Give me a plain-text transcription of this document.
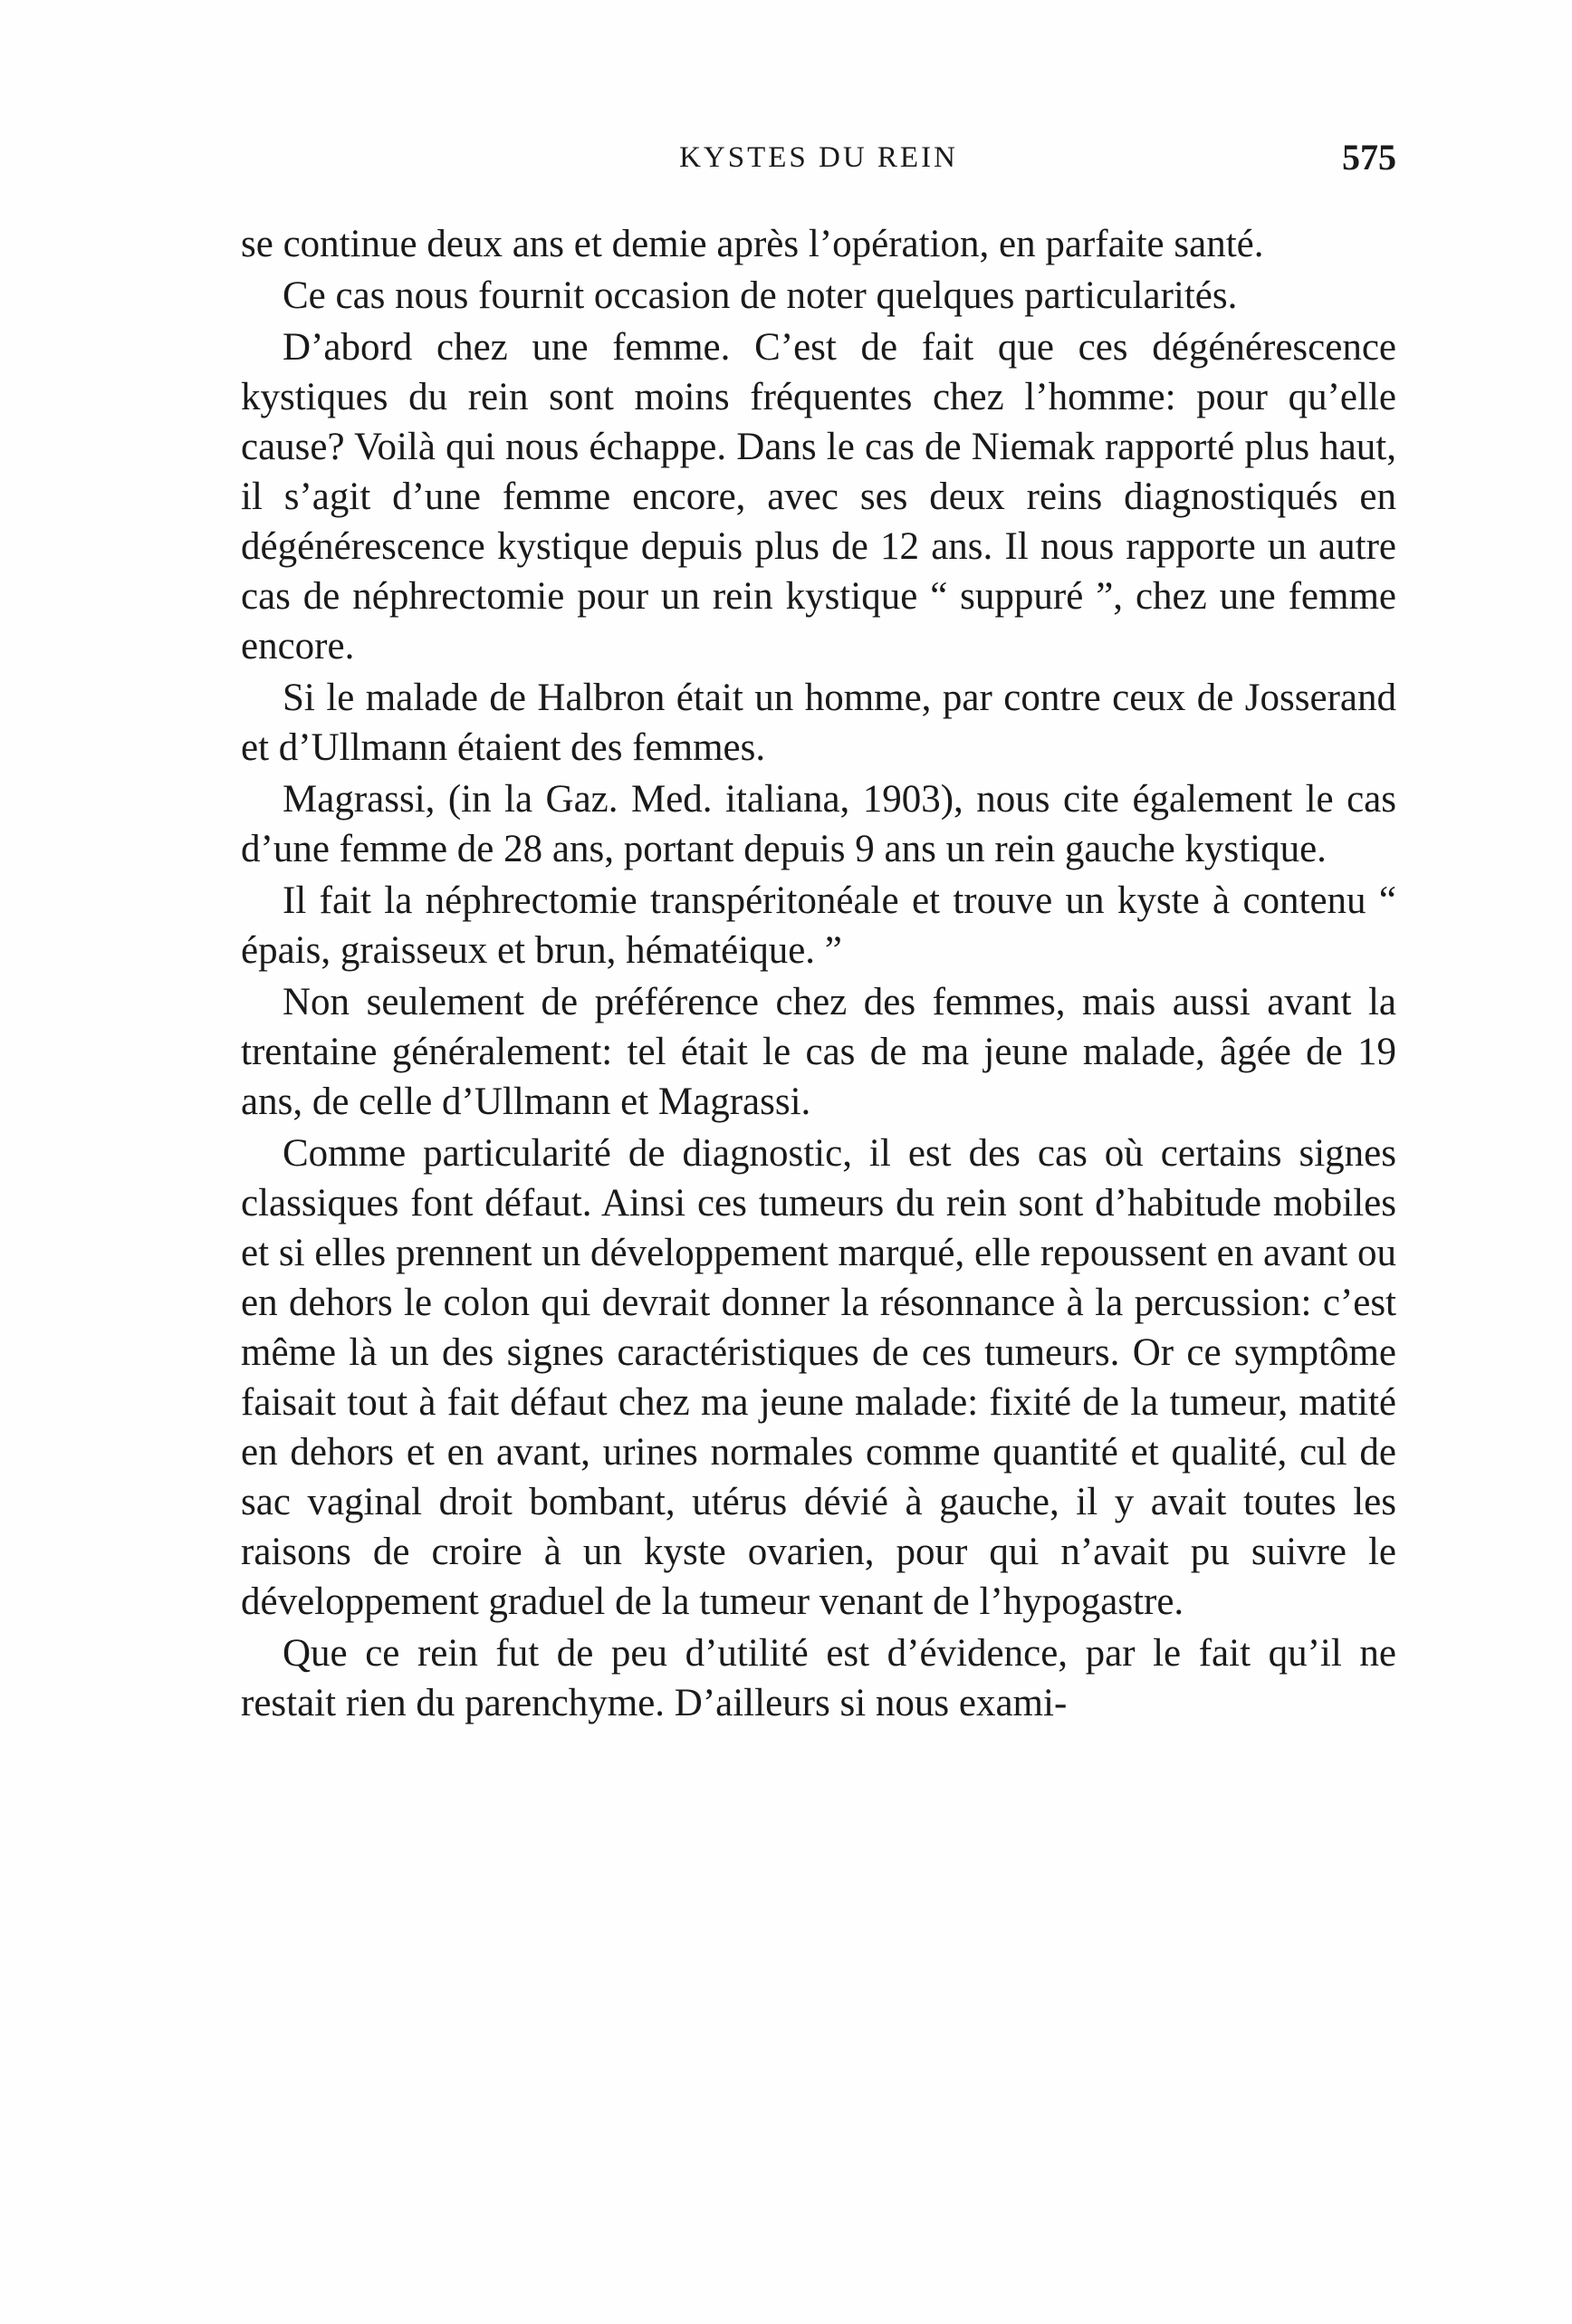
KYSTES DU REIN	575

se continue deux ans et demie après l’opération, en parfaite santé.

Ce cas nous fournit occasion de noter quelques particularités.

D’abord chez une femme. C’est de fait que ces dégénérescence kystiques du rein sont moins fréquentes chez l’homme: pour qu’elle cause? Voilà qui nous échappe. Dans le cas de Niemak rapporté plus haut, il s’agit d’une femme encore, avec ses deux reins diagnostiqués en dégénérescence kystique depuis plus de 12 ans. Il nous rapporte un autre cas de néphrectomie pour un rein kystique “ suppuré ”, chez une femme encore.

Si le malade de Halbron était un homme, par contre ceux de Josserand et d’Ullmann étaient des femmes.

Magrassi, (in la Gaz. Med. italiana, 1903), nous cite également le cas d’une femme de 28 ans, portant depuis 9 ans un rein gauche kystique.

Il fait la néphrectomie transpéritonéale et trouve un kyste à contenu “ épais, graisseux et brun, hématéique. ”

Non seulement de préférence chez des femmes, mais aussi avant la trentaine généralement: tel était le cas de ma jeune malade, âgée de 19 ans, de celle d’Ullmann et Magrassi.

Comme particularité de diagnostic, il est des cas où certains signes classiques font défaut. Ainsi ces tumeurs du rein sont d’habitude mobiles et si elles prennent un développement marqué, elle repoussent en avant ou en dehors le colon qui devrait donner la résonnance à la percussion: c’est même là un des signes caractéristiques de ces tumeurs. Or ce symptôme faisait tout à fait défaut chez ma jeune malade: fixité de la tumeur, matité en dehors et en avant, urines normales comme quantité et qualité, cul de sac vaginal droit bombant, utérus dévié à gauche, il y avait toutes les raisons de croire à un kyste ovarien, pour qui n’avait pu suivre le développement graduel de la tumeur venant de l’hypogastre.

Que ce rein fut de peu d’utilité est d’évidence, par le fait qu’il ne restait rien du parenchyme. D’ailleurs si nous exami-
